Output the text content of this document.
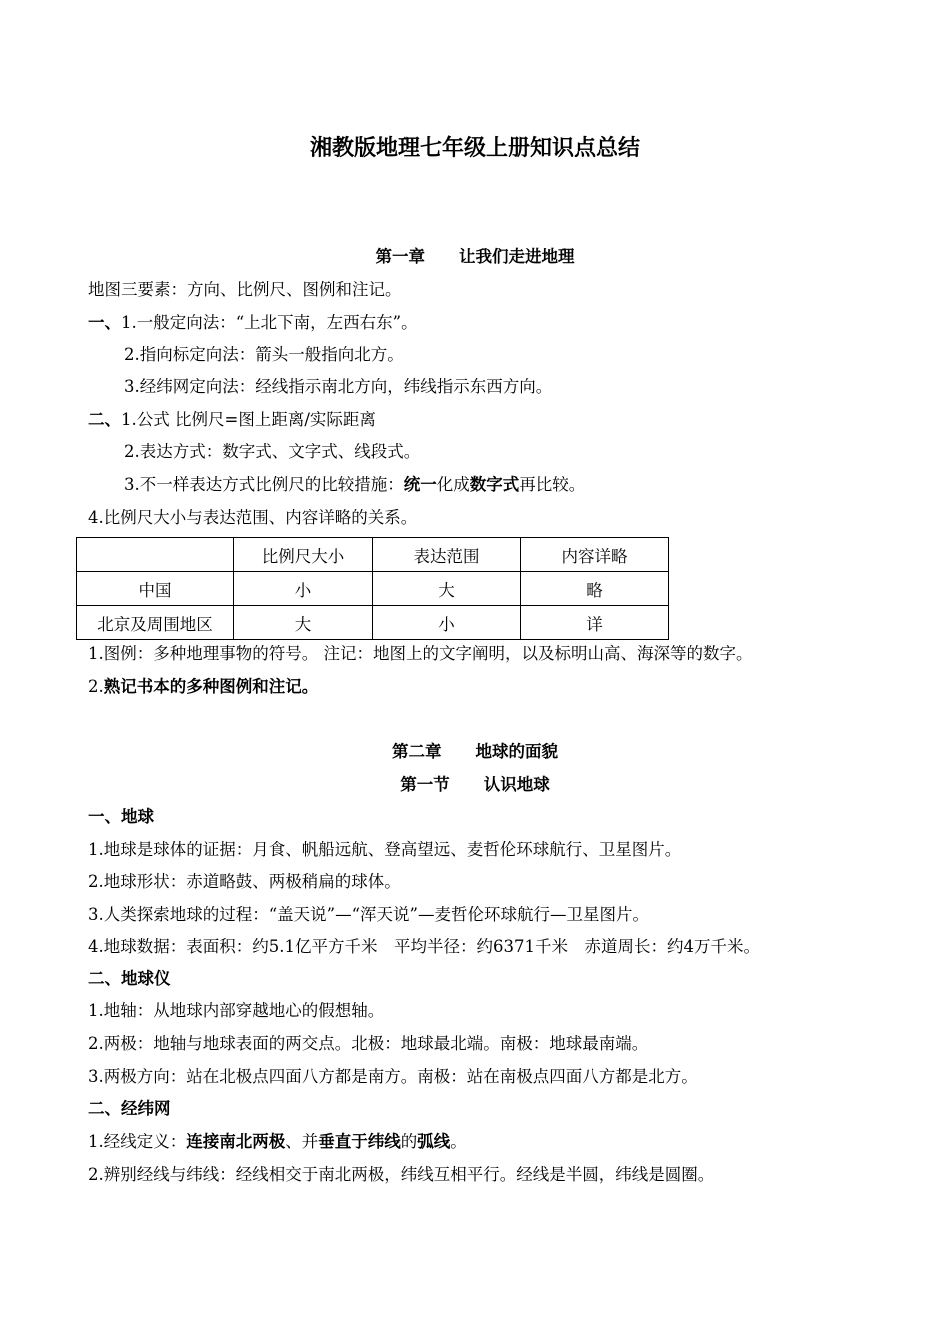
湘教版地理七年级上册知识点总结
第一章 让我们走进地理
地图三要素：方向、比例尺、图例和注记。
一、1.一般定向法：“上北下南，左西右东”。
2.指向标定向法：箭头一般指向北方。
3.经纬网定向法：经线指示南北方向，纬线指示东西方向。
二、1.公式 比例尺=图上距离/实际距离
2.表达方式：数字式、文字式、线段式。
3.不一样表达方式比例尺的比较措施：统一化成数字式再比较。
4.比例尺大小与表达范围、内容详略的关系。
	比例尺大小	表达范围	内容详略
中国	小	大	略
北京及周围地区	大	小	详
1.图例：多种地理事物的符号。 注记：地图上的文字阐明，以及标明山高、海深等的数字。
2.熟记书本的多种图例和注记。
第二章 地球的面貌
第一节 认识地球
一、地球
1.地球是球体的证据：月食、帆船远航、登高望远、麦哲伦环球航行、卫星图片。
2.地球形状：赤道略鼓、两极稍扁的球体。
3.人类探索地球的过程：“盖天说”—“浑天说”—麦哲伦环球航行—卫星图片。
4.地球数据：表面积：约5.1亿平方千米　平均半径：约6371千米　赤道周长：约4万千米。
二、地球仪
1.地轴：从地球内部穿越地心的假想轴。
2.两极：地轴与地球表面的两交点。北极：地球最北端。南极：地球最南端。
3.两极方向：站在北极点四面八方都是南方。南极：站在南极点四面八方都是北方。
二、经纬网
1.经线定义：连接南北两极、并垂直于纬线的弧线。
2.辨别经线与纬线：经线相交于南北两极，纬线互相平行。经线是半圆，纬线是圆圈。
